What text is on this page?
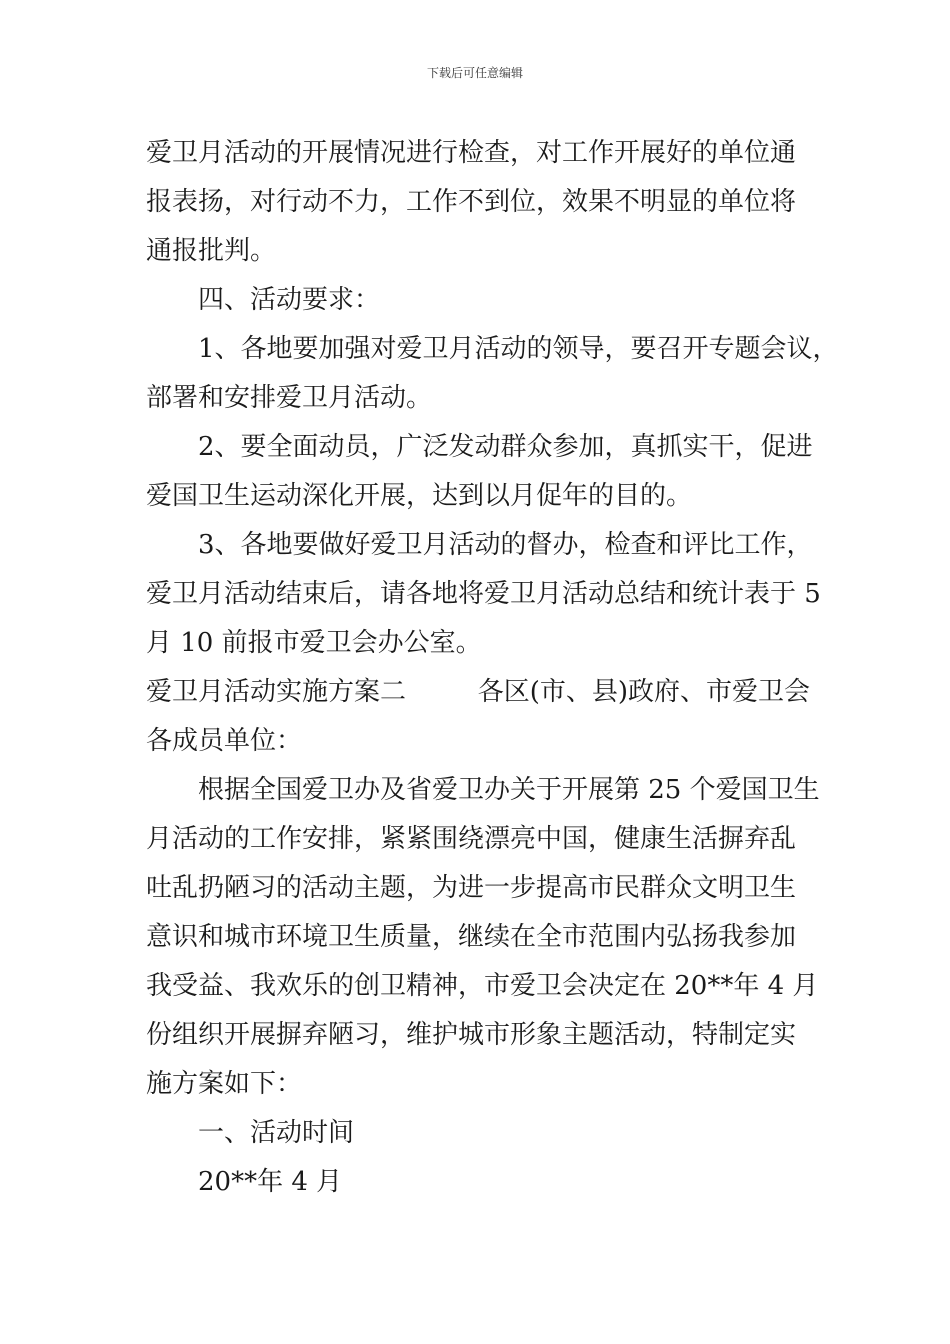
下载后可任意编辑
爱卫月活动的开展情况进行检查，对工作开展好的单位通
报表扬，对行动不力，工作不到位，效果不明显的单位将
通报批判。
四、活动要求：
1、各地要加强对爱卫月活动的领导，要召开专题会议，
部署和安排爱卫月活动。
2、要全面动员，广泛发动群众参加，真抓实干，促进
爱国卫生运动深化开展，达到以月促年的目的。
3、各地要做好爱卫月活动的督办，检查和评比工作，
爱卫月活动结束后，请各地将爱卫月活动总结和统计表于 5
月 10 前报市爱卫会办公室。
爱卫月活动实施方案二	各区(市、县)政府、市爱卫会
各成员单位：
根据全国爱卫办及省爱卫办关于开展第 25 个爱国卫生
月活动的工作安排，紧紧围绕漂亮中国，健康生活摒弃乱
吐乱扔陋习的活动主题，为进一步提高市民群众文明卫生
意识和城市环境卫生质量，继续在全市范围内弘扬我参加
我受益、我欢乐的创卫精神，市爱卫会决定在 20**年 4 月
份组织开展摒弃陋习，维护城市形象主题活动，特制定实
施方案如下：
一、活动时间
20**年 4 月
